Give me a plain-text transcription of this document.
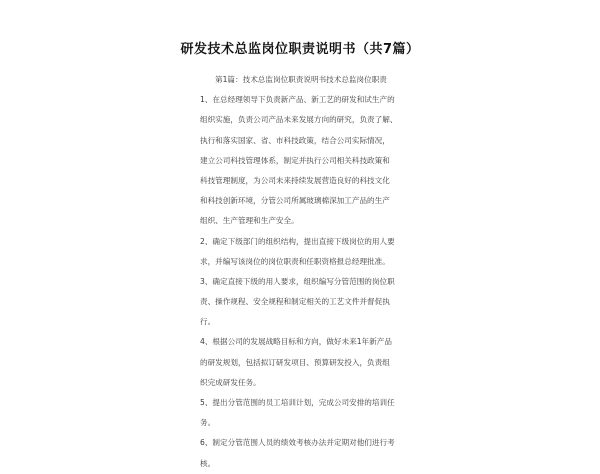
研发技术总监岗位职责说明书（共7篇）
第1篇：技术总监岗位职责说明书技术总监岗位职责
1、在总经理领导下负责新产品、新工艺的研发和试生产的
组织实施，负责公司产品未来发展方向的研究，负责了解、
执行和落实国家、省、市科技政策，结合公司实际情况，
建立公司科技管理体系，制定并执行公司相关科技政策和
科技管理制度，为公司未来持续发展营造良好的科技文化
和科技创新环境，分管公司所属玻璃棉深加工产品的生产
组织、生产管理和生产安全。
2、确定下级部门的组织结构，提出直接下级岗位的用人要
求，并编写该岗位的岗位职责和任职资格报总经理批准。
3、确定直接下级的用人要求，组织编写分管范围的岗位职
责、操作规程、安全规程和制定相关的工艺文件并督促执
行。
4、根据公司的发展战略目标和方向，做好未来1年新产品
的研发规划，包括拟订研发项目、预算研发投入，负责组
织完成研发任务。
5、提出分管范围的员工培训计划，完成公司安排的培训任
务。
6、制定分管范围人员的绩效考核办法并定期对他们进行考
核。
